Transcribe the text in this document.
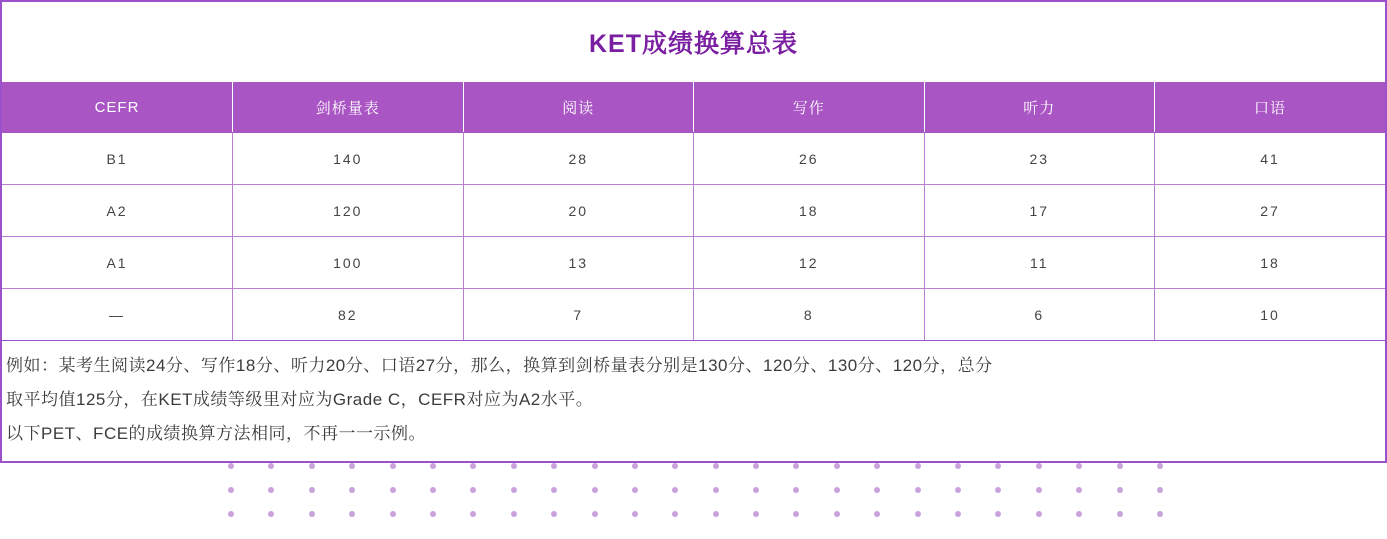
KET成绩换算总表
CEFR	剑桥量表	阅读	写作	听力	口语
B1	140	28	26	23	41
A2	120	20	18	17	27
A1	100	13	12	11	18
—	82	7	8	6	10
例如：某考生阅读24分、写作18分、听力20分、口语27分，那么，换算到剑桥量表分别是130分、120分、130分、120分，总分
取平均值125分，在KET成绩等级里对应为Grade C，CEFR对应为A2水平。
以下PET、FCE的成绩换算方法相同，不再一一示例。
